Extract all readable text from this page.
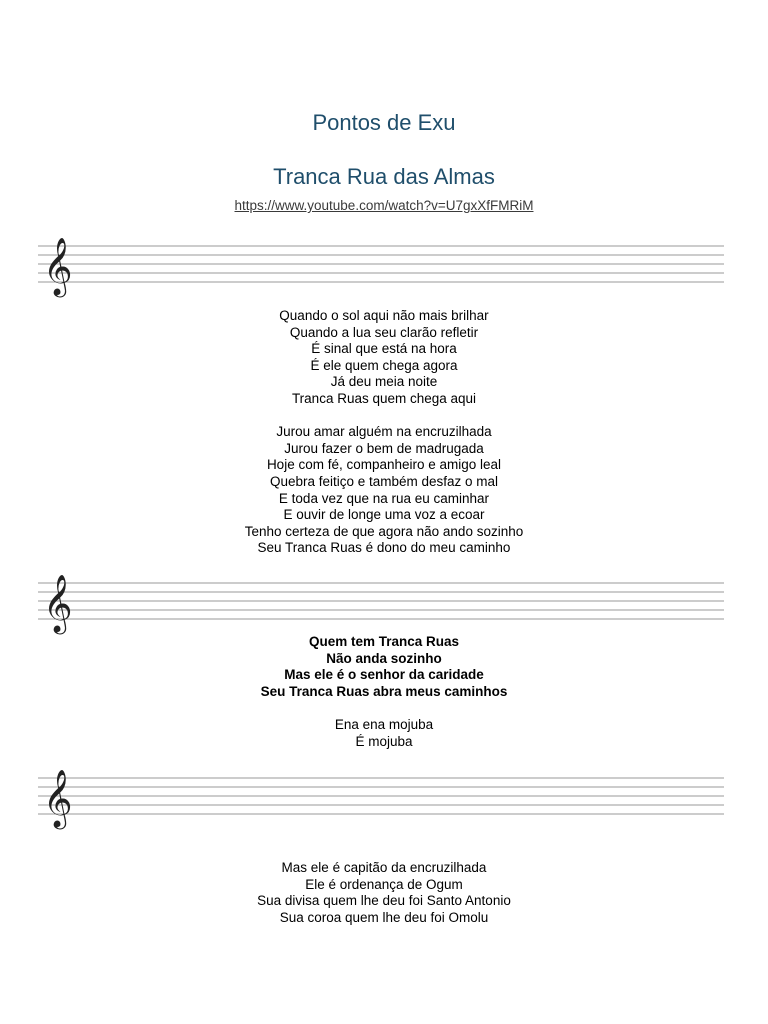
Pontos de Exu
Tranca Rua das Almas
https://www.youtube.com/watch?v=U7gxXfFMRiM
𝄞
Quando o sol aqui não mais brilhar
Quando a lua seu clarão refletir
É sinal que está na hora
É ele quem chega agora
Já deu meia noite
Tranca Ruas quem chega aqui
Jurou amar alguém na encruzilhada
Jurou fazer o bem de madrugada
Hoje com fé, companheiro e amigo leal
Quebra feitiço e também desfaz o mal
E toda vez que na rua eu caminhar
E ouvir de longe uma voz a ecoar
Tenho certeza de que agora não ando sozinho
Seu Tranca Ruas é dono do meu caminho
𝄞
Quem tem Tranca Ruas
Não anda sozinho
Mas ele é o senhor da caridade
Seu Tranca Ruas abra meus caminhos
Ena ena mojuba
É mojuba
𝄞
Mas ele é capitão da encruzilhada
Ele é ordenança de Ogum
Sua divisa quem lhe deu foi Santo Antonio
Sua coroa quem lhe deu foi Omolu
